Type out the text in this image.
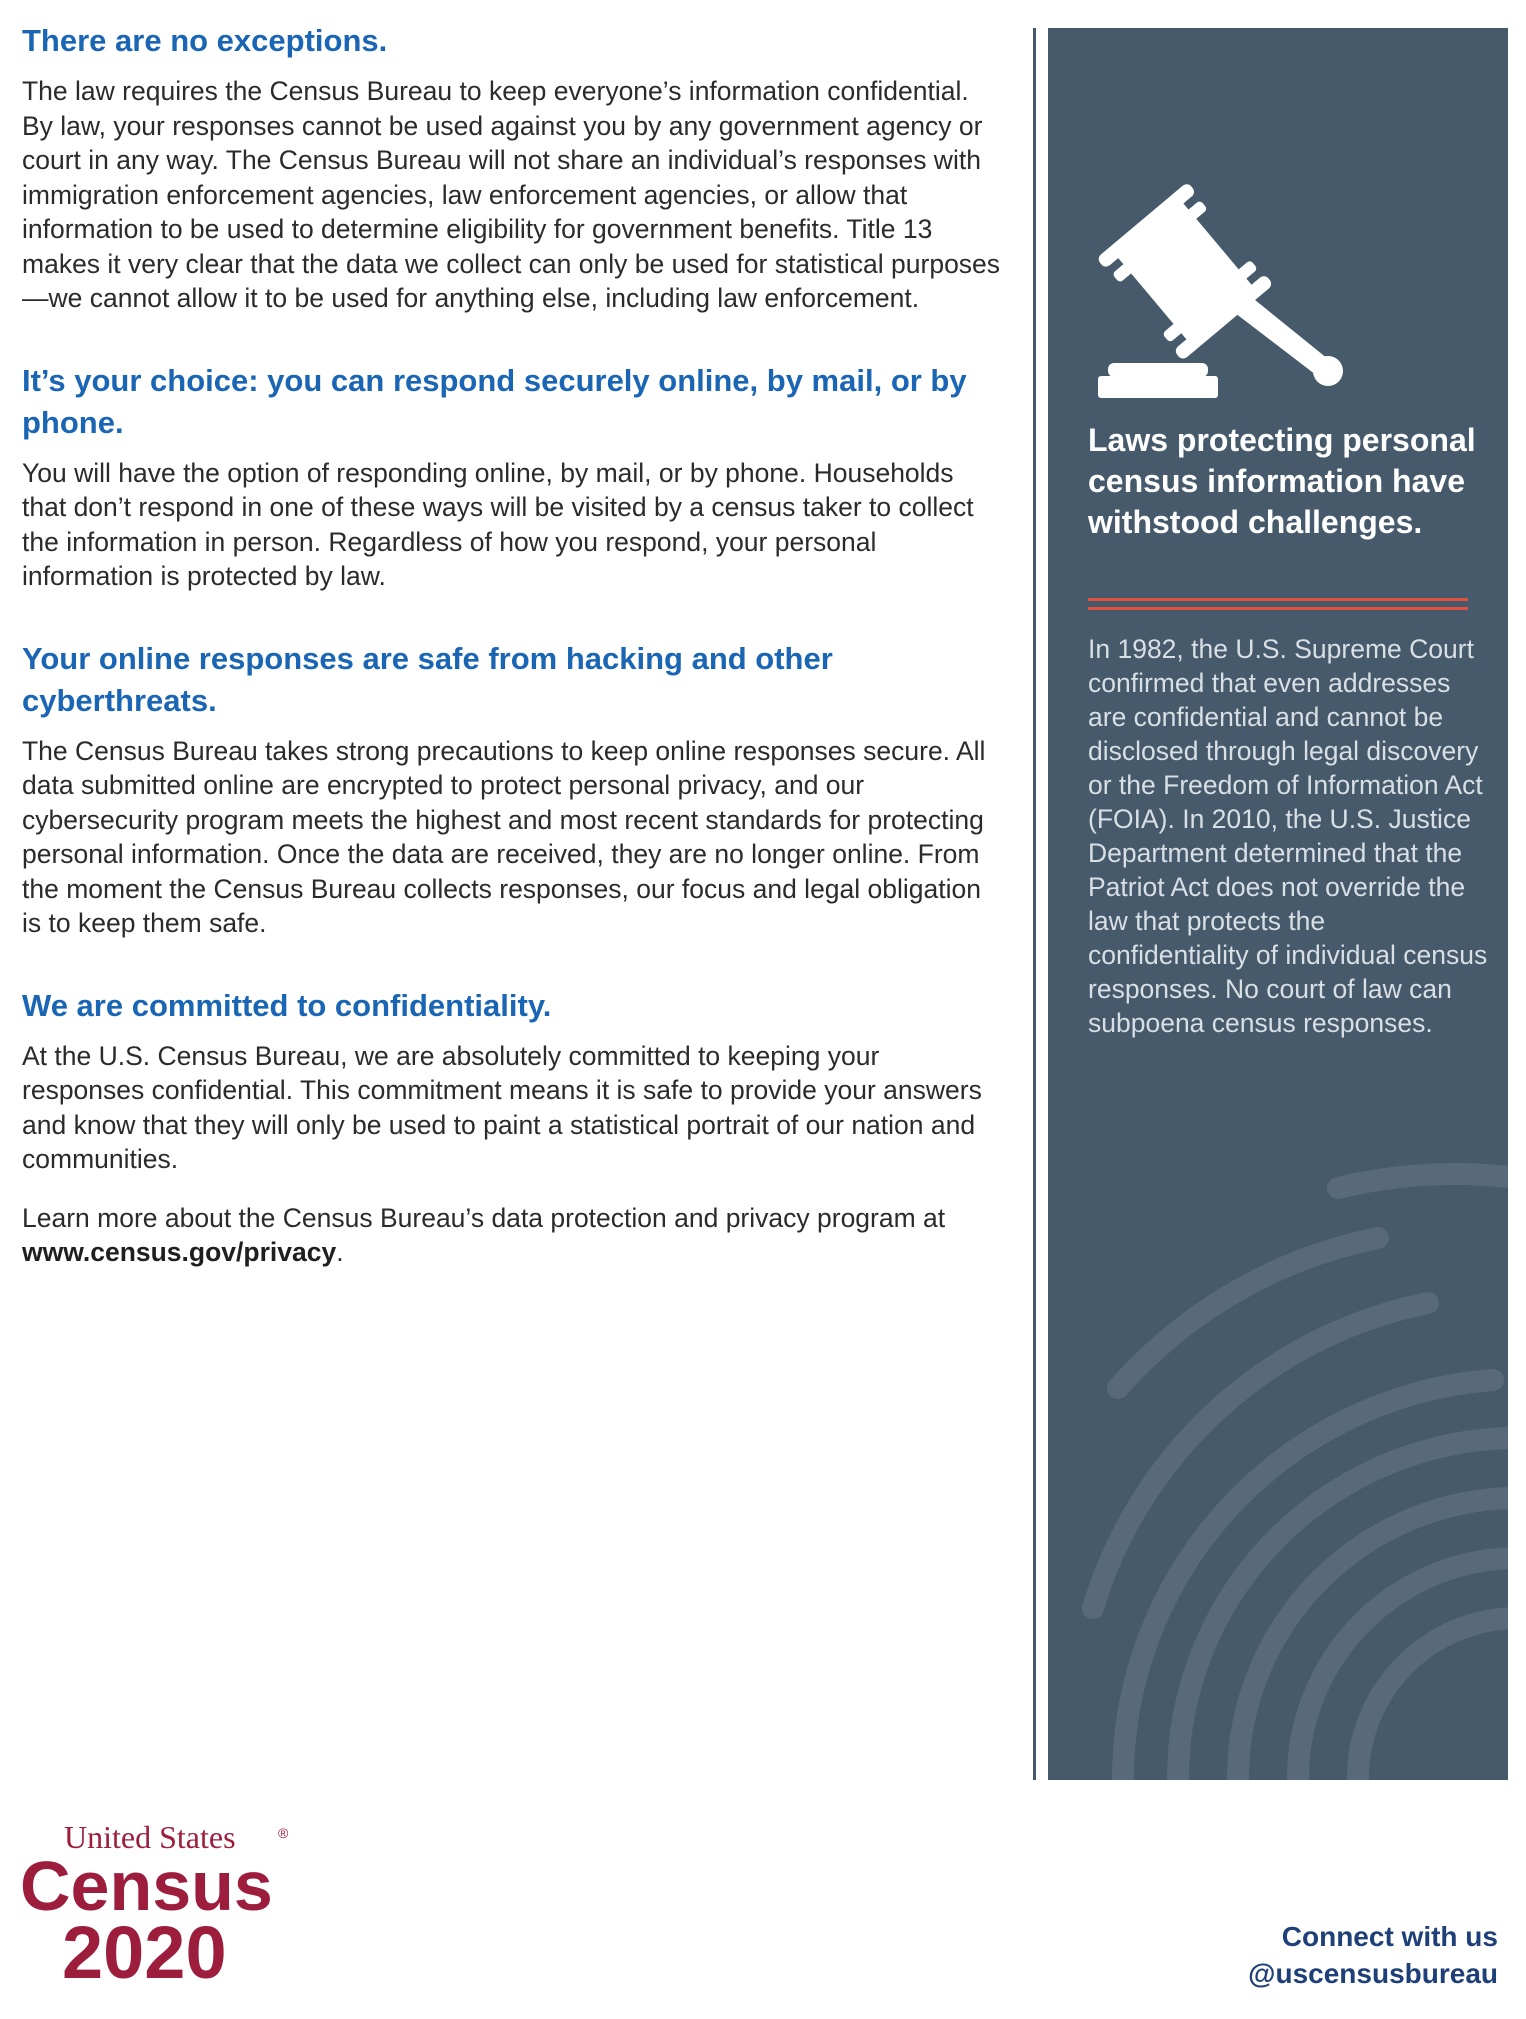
There are no exceptions.

The law requires the Census Bureau to keep everyone’s information confidential. By law, your responses cannot be used against you by any government agency or court in any way. The Census Bureau will not share an individual’s responses with immigration enforcement agencies, law enforcement agencies, or allow that information to be used to determine eligibility for government benefits. Title 13 makes it very clear that the data we collect can only be used for statistical purposes—we cannot allow it to be used for anything else, including law enforcement.

It’s your choice: you can respond securely online, by mail, or by phone.

You will have the option of responding online, by mail, or by phone. Households that don’t respond in one of these ways will be visited by a census taker to collect the information in person. Regardless of how you respond, your personal information is protected by law.

Your online responses are safe from hacking and other cyberthreats.

The Census Bureau takes strong precautions to keep online responses secure. All data submitted online are encrypted to protect personal privacy, and our cybersecurity program meets the highest and most recent standards for protecting personal information. Once the data are received, they are no longer online. From the moment the Census Bureau collects responses, our focus and legal obligation is to keep them safe.

We are committed to confidentiality.

At the U.S. Census Bureau, we are absolutely committed to keeping your responses confidential. This commitment means it is safe to provide your answers and know that they will only be used to paint a statistical portrait of our nation and communities.

Learn more about the Census Bureau’s data protection and privacy program at www.census.gov/privacy.

Laws protecting personal census information have withstood challenges.
In 1982, the U.S. Supreme Court confirmed that even addresses are confidential and cannot be disclosed through legal discovery or the Freedom of Information Act (FOIA). In 2010, the U.S. Justice Department determined that the Patriot Act does not override the law that protects the confidentiality of individual census responses. No court of law can subpoena census responses.
United States	®
Census
2020	Connect with us
@uscensusbureau
